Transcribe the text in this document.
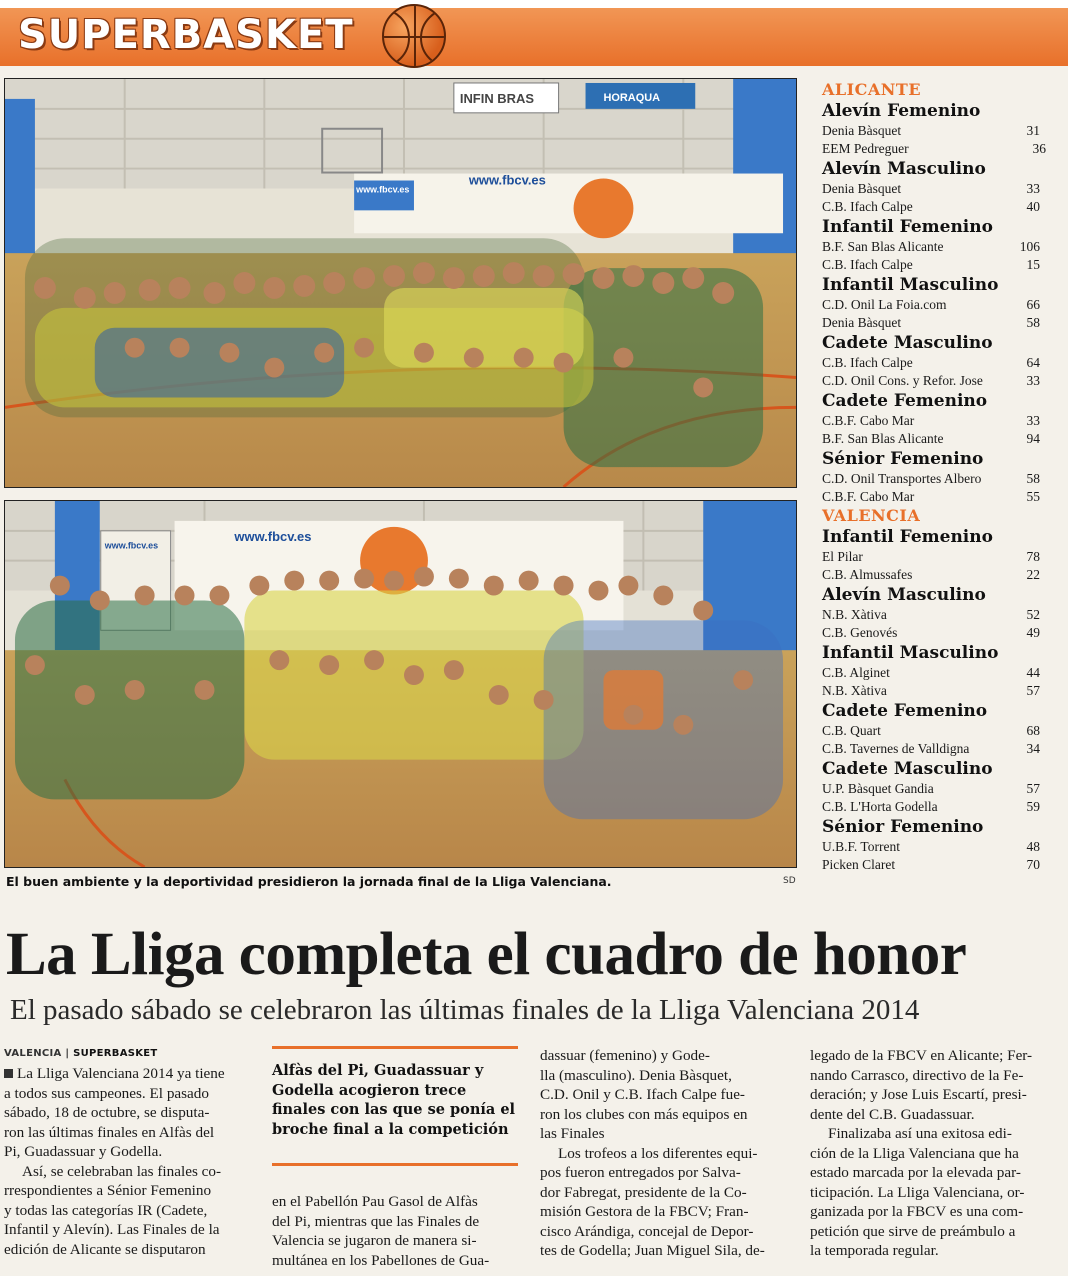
SUPERBASKET
INFIN BRAS	HORAQUA
www.fbcv.es
www.fbcv.es
www.fbcv.es
www.fbcv.es
El buen ambiente y la deportividad presidieron la jornada final de la Lliga Valenciana.	SD
ALICANTE
Alevín Femenino
Denia Bàsquet	31
EEM Pedreguer	36
Alevín Masculino
Denia Bàsquet	33
C.B. Ifach Calpe	40
Infantil Femenino
B.F. San Blas Alicante	106
C.B. Ifach Calpe	15
Infantil Masculino
C.D. Onil La Foia.com	66
Denia Bàsquet	58
Cadete Masculino
C.B. Ifach Calpe	64
C.D. Onil Cons. y Refor. Jose	33
Cadete Femenino
C.B.F. Cabo Mar	33
B.F. San Blas Alicante	94
Sénior Femenino
C.D. Onil Transportes Albero	58
C.B.F. Cabo Mar	55
VALENCIA
Infantil Femenino
El Pilar	78
C.B. Almussafes	22
Alevín Masculino
N.B. Xàtiva	52
C.B. Genovés	49
Infantil Masculino
C.B. Alginet	44
N.B. Xàtiva	57
Cadete Femenino
C.B. Quart	68
C.B. Tavernes de Valldigna	34
Cadete Masculino
U.P. Bàsquet Gandia	57
C.B. L'Horta Godella	59
Sénior Femenino
U.B.F. Torrent	48
Picken Claret	70
La Lliga completa el cuadro de honor
El pasado sábado se celebraron las últimas finales de la Lliga Valenciana 2014
VALENCIA | SUPERBASKET
La Lliga Valenciana 2014 ya tiene
a todos sus campeones. El pasado
sábado, 18 de octubre, se disputa-
ron las últimas finales en Alfàs del
Pi, Guadassuar y Godella.
Así, se celebraban las finales co-
rrespondientes a Sénior Femenino
y todas las categorías IR (Cadete,
Infantil y Alevín). Las Finales de la
edición de Alicante se disputaron
Alfàs del Pi, Guadassuar y
Godella acogieron trece
finales con las que se ponía el
broche final a la competición
en el Pabellón Pau Gasol de Alfàs
del Pi, mientras que las Finales de
Valencia se jugaron de manera si-
multánea en los Pabellones de Gua-
dassuar (femenino) y Gode-
lla (masculino). Denia Bàsquet,
C.D. Onil y C.B. Ifach Calpe fue-
ron los clubes con más equipos en
las Finales
Los trofeos a los diferentes equi-
pos fueron entregados por Salva-
dor Fabregat, presidente de la Co-
misión Gestora de la FBCV; Fran-
cisco Arándiga, concejal de Depor-
tes de Godella; Juan Miguel Sila, de-
legado de la FBCV en Alicante; Fer-
nando Carrasco, directivo de la Fe-
deración; y Jose Luis Escartí, presi-
dente del C.B. Guadassuar.
Finalizaba así una exitosa edi-
ción de la Lliga Valenciana que ha
estado marcada por la elevada par-
ticipación. La Lliga Valenciana, or-
ganizada por la FBCV es una com-
petición que sirve de preámbulo a
la temporada regular.
